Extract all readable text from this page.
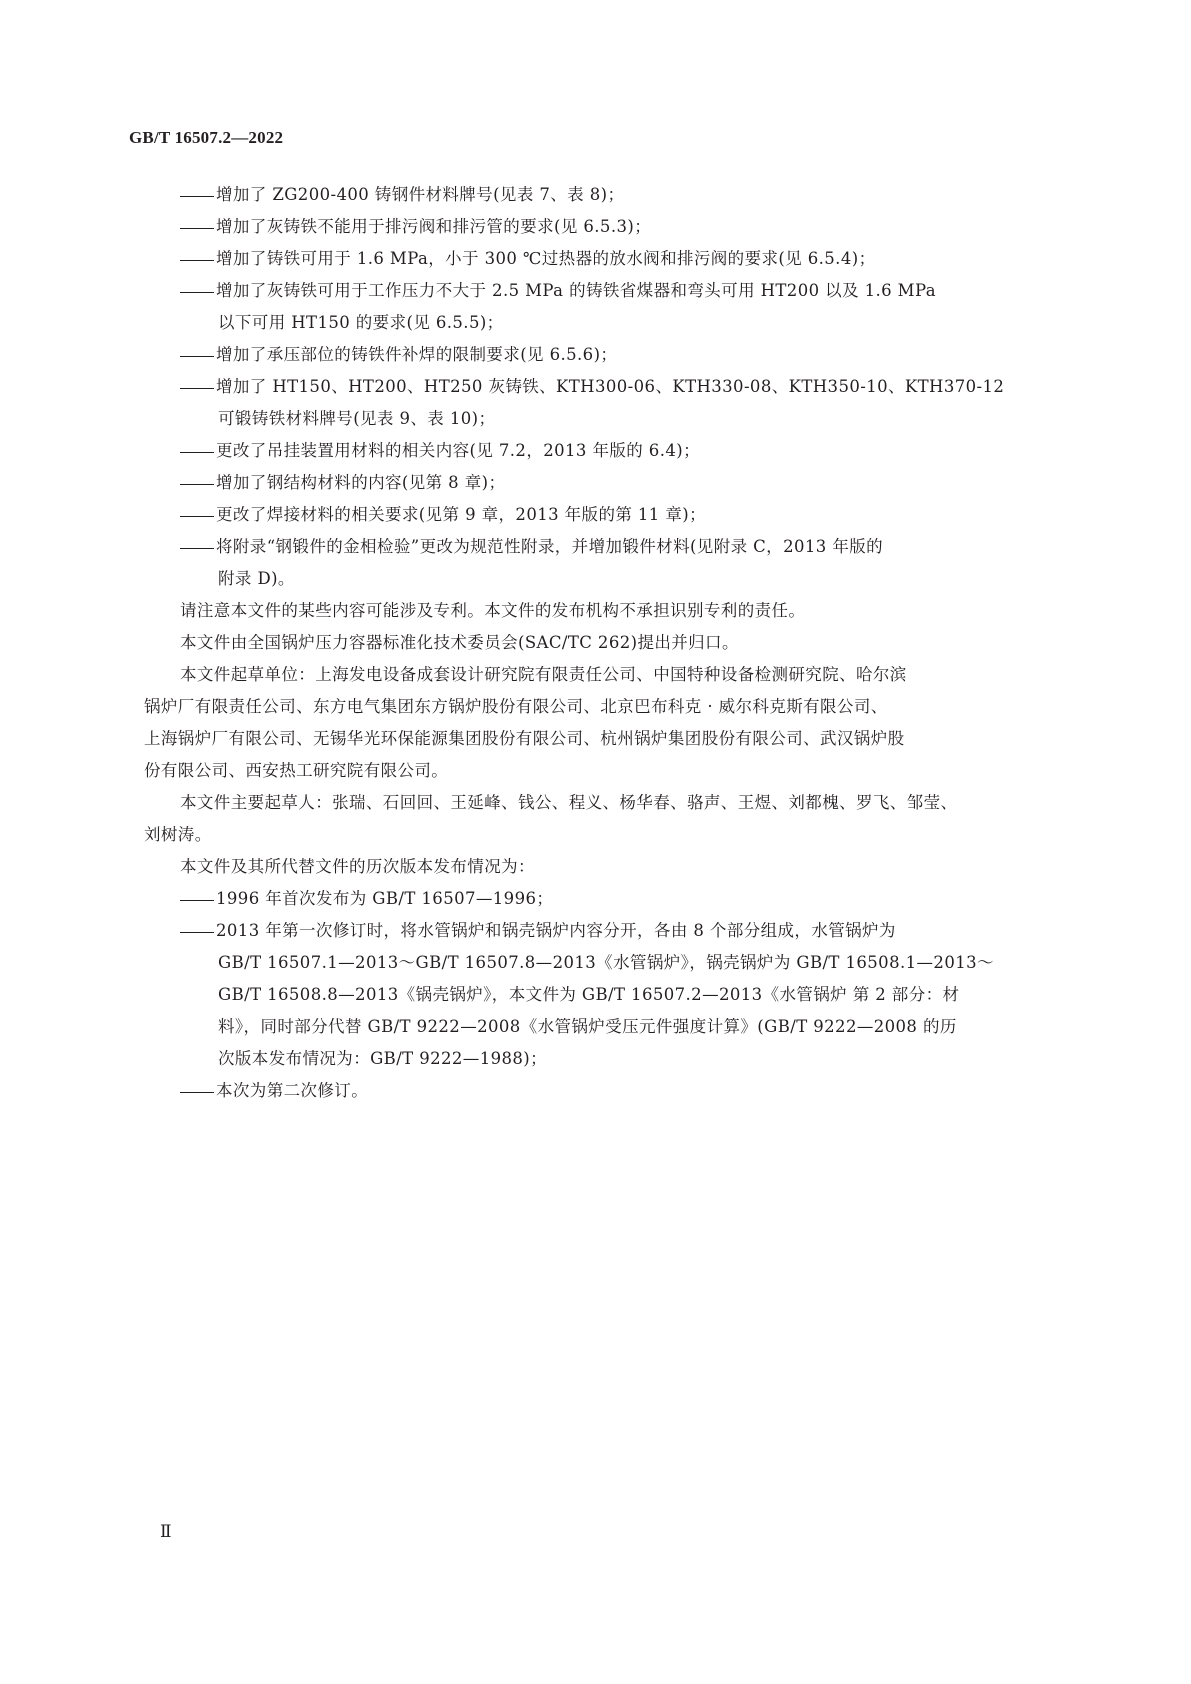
GB/T 16507.2—2022
增加了 ZG200-400 铸钢件材料牌号(见表 7、表 8)；
增加了灰铸铁不能用于排污阀和排污管的要求(见 6.5.3)；
增加了铸铁可用于 1.6 MPa，小于 300 ℃过热器的放水阀和排污阀的要求(见 6.5.4)；
增加了灰铸铁可用于工作压力不大于 2.5 MPa 的铸铁省煤器和弯头可用 HT200 以及 1.6 MPa
以下可用 HT150 的要求(见 6.5.5)；
增加了承压部位的铸铁件补焊的限制要求(见 6.5.6)；
增加了 HT150、HT200、HT250 灰铸铁、KTH300-06、KTH330-08、KTH350-10、KTH370-12
可锻铸铁材料牌号(见表 9、表 10)；
更改了吊挂装置用材料的相关内容(见 7.2，2013 年版的 6.4)；
增加了钢结构材料的内容(见第 8 章)；
更改了焊接材料的相关要求(见第 9 章，2013 年版的第 11 章)；
将附录“钢锻件的金相检验”更改为规范性附录，并增加锻件材料(见附录 C，2013 年版的
附录 D)。
请注意本文件的某些内容可能涉及专利。本文件的发布机构不承担识别专利的责任。
本文件由全国锅炉压力容器标准化技术委员会(SAC/TC 262)提出并归口。
本文件起草单位：上海发电设备成套设计研究院有限责任公司、中国特种设备检测研究院、哈尔滨
锅炉厂有限责任公司、东方电气集团东方锅炉股份有限公司、北京巴布科克 · 威尔科克斯有限公司、
上海锅炉厂有限公司、无锡华光环保能源集团股份有限公司、杭州锅炉集团股份有限公司、武汉锅炉股
份有限公司、西安热工研究院有限公司。
本文件主要起草人：张瑞、石回回、王延峰、钱公、程义、杨华春、骆声、王煜、刘都槐、罗飞、邹莹、
刘树涛。
本文件及其所代替文件的历次版本发布情况为：
1996 年首次发布为 GB/T 16507—1996；
2013 年第一次修订时，将水管锅炉和锅壳锅炉内容分开，各由 8 个部分组成，水管锅炉为
GB/T 16507.1—2013～GB/T 16507.8—2013《水管锅炉》，锅壳锅炉为 GB/T 16508.1—2013～
GB/T 16508.8—2013《锅壳锅炉》，本文件为 GB/T 16507.2—2013《水管锅炉 第 2 部分：材
料》，同时部分代替 GB/T 9222—2008《水管锅炉受压元件强度计算》(GB/T 9222—2008 的历
次版本发布情况为：GB/T 9222—1988)；
本次为第二次修订。
Ⅱ
